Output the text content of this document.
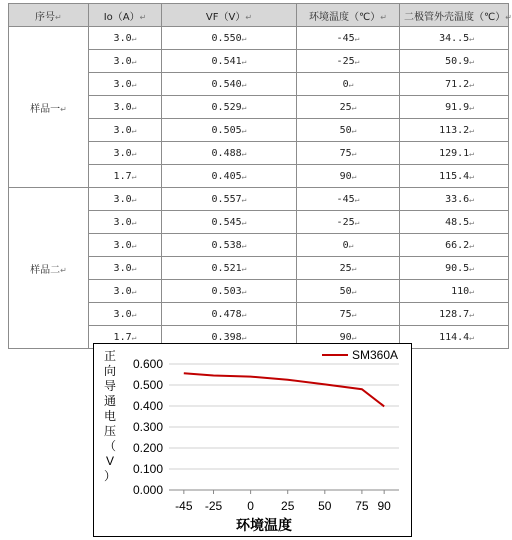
序号↵	Io（A）↵	VF（V）↵	环境温度（℃）↵	二极管外壳温度（℃）↵
样品一↵	3.0↵	0.550↵	-45↵	34..5↵
	3.0↵	0.541↵	-25↵	50.9↵
	3.0↵	0.540↵	0↵	71.2↵
	3.0↵	0.529↵	25↵	91.9↵
	3.0↵	0.505↵	50↵	113.2↵
	3.0↵	0.488↵	75↵	129.1↵
	1.7↵	0.405↵	90↵	115.4↵
样品二↵	3.0↵	0.557↵	-45↵	33.6↵
	3.0↵	0.545↵	-25↵	48.5↵
	3.0↵	0.538↵	0↵	66.2↵
	3.0↵	0.521↵	25↵	90.5↵
	3.0↵	0.503↵	50↵	110↵
	3.0↵	0.478↵	75↵	128.7↵
	1.7↵	0.398↵	90↵	114.4↵
0.000
0.100
0.200
0.300
0.400
0.500
0.600
-45 -25 0 25 50 75 90
环境温度
正向导通电压（ V ）
SM360A
